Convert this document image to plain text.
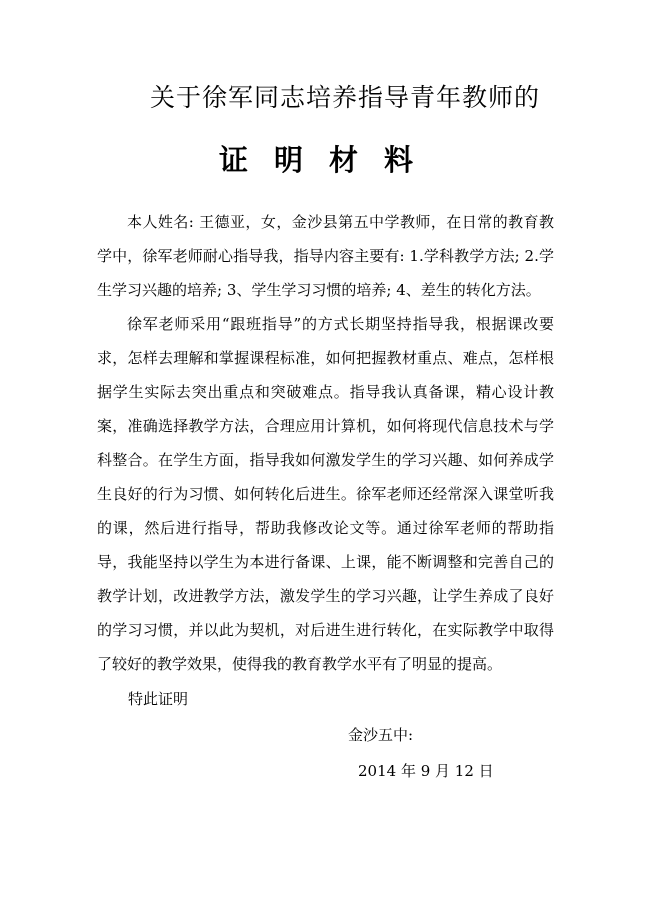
关于徐军同志培养指导青年教师的
证明材料

本人姓名: 王德亚，女，金沙县第五中学教师，在日常的教育教学中，徐军老师耐心指导我，指导内容主要有: 1.学科教学方法; 2.学生学习兴趣的培养; 3、学生学习习惯的培养; 4、差生的转化方法。

徐军老师采用“跟班指导”的方式长期坚持指导我，根据课改要求，怎样去理解和掌握课程标准，如何把握教材重点、难点，怎样根据学生实际去突出重点和突破难点。指导我认真备课，精心设计教案，准确选择教学方法，合理应用计算机，如何将现代信息技术与学科整合。在学生方面，指导我如何激发学生的学习兴趣、如何养成学生良好的行为习惯、如何转化后进生。徐军老师还经常深入课堂听我的课，然后进行指导，帮助我修改论文等。通过徐军老师的帮助指导，我能坚持以学生为本进行备课、上课，能不断调整和完善自己的教学计划，改进教学方法，激发学生的学习兴趣，让学生养成了良好的学习习惯，并以此为契机，对后进生进行转化，在实际教学中取得了较好的教学效果，使得我的教育教学水平有了明显的提高。

特此证明
金沙五中:
2014 年 9 月 12 日
